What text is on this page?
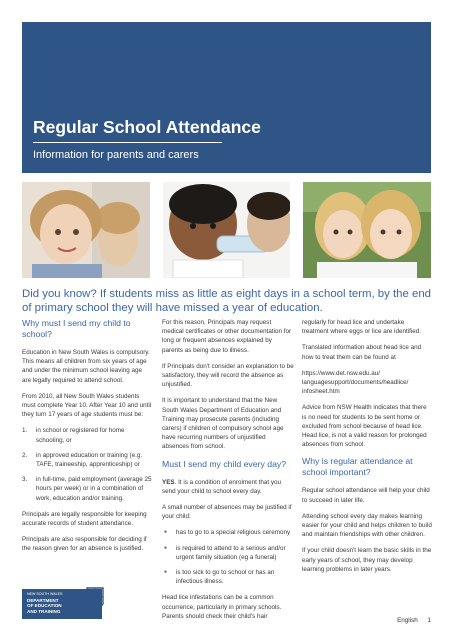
Regular School Attendance

Information for parents and carers

Did you know? If students miss as little as eight days in a school term, by the end of primary school they will have missed a year of education.

Why must I send my child to school?

Education in New South Wales is compulsory. This means all children from six years of age and under the minimum school leaving age are legally required to attend school.

From 2010, all New South Wales students must complete Year 10. After Year 10 and until they turn 17 years of age students must be:

1. in school or registered for home schooling, or
2. in approved education or training (e.g. TAFE, traineeship, apprenticeship) or
3. in full-time, paid employment (average 25 hours per week) or in a combination of work, education and/or training.

Principals are legally responsible for keeping accurate records of student attendance.

Principals are also responsible for deciding if the reason given for an absence is justified.

For this reason, Principals may request medical certificates or other documentation for long or frequent absences explained by parents as being due to illness.

If Principals don't consider an explanation to be satisfactory, they will record the absence as unjustified.

It is important to understand that the New South Wales Department of Education and Training may prosecute parents (including carers) if children of compulsory school age have recurring numbers of unjustified absences from school.

Must I send my child every day?

YES. It is a condition of enrolment that you send your child to school every day.

A small number of absences may be justified if your child:

● has to go to a special religious ceremony
● is required to attend to a serious and/or urgent family situation (eg a funeral)
● is too sick to go to school or has an infectious illness.

Head lice infestations can be a common occurrence, particularly in primary schools. Parents should check their child's hair

regularly for head lice and undertake treatment where eggs or lice are identified.

Translated information about head lice and how to treat them can be found at

https://www.det.nsw.edu.au/ languagesupport/documents/headlice/ infosheet.htm

Advice from NSW Health indicates that there is no need for students to be sent home or excluded from school because of head lice. Head lice, is not a valid reason for prolonged absences from school.

Why is regular attendance at school important?

Regular school attendance will help your child to succeed in later life.

Attending school every day makes learning easier for your child and helps children to build and maintain friendships with other children.

If your child doesn't learn the basic skills in the early years of school, they may develop learning problems in later years.

NEW SOUTH WALES
DEPARTMENT
OF EDUCATION
AND TRAINING
English 1
